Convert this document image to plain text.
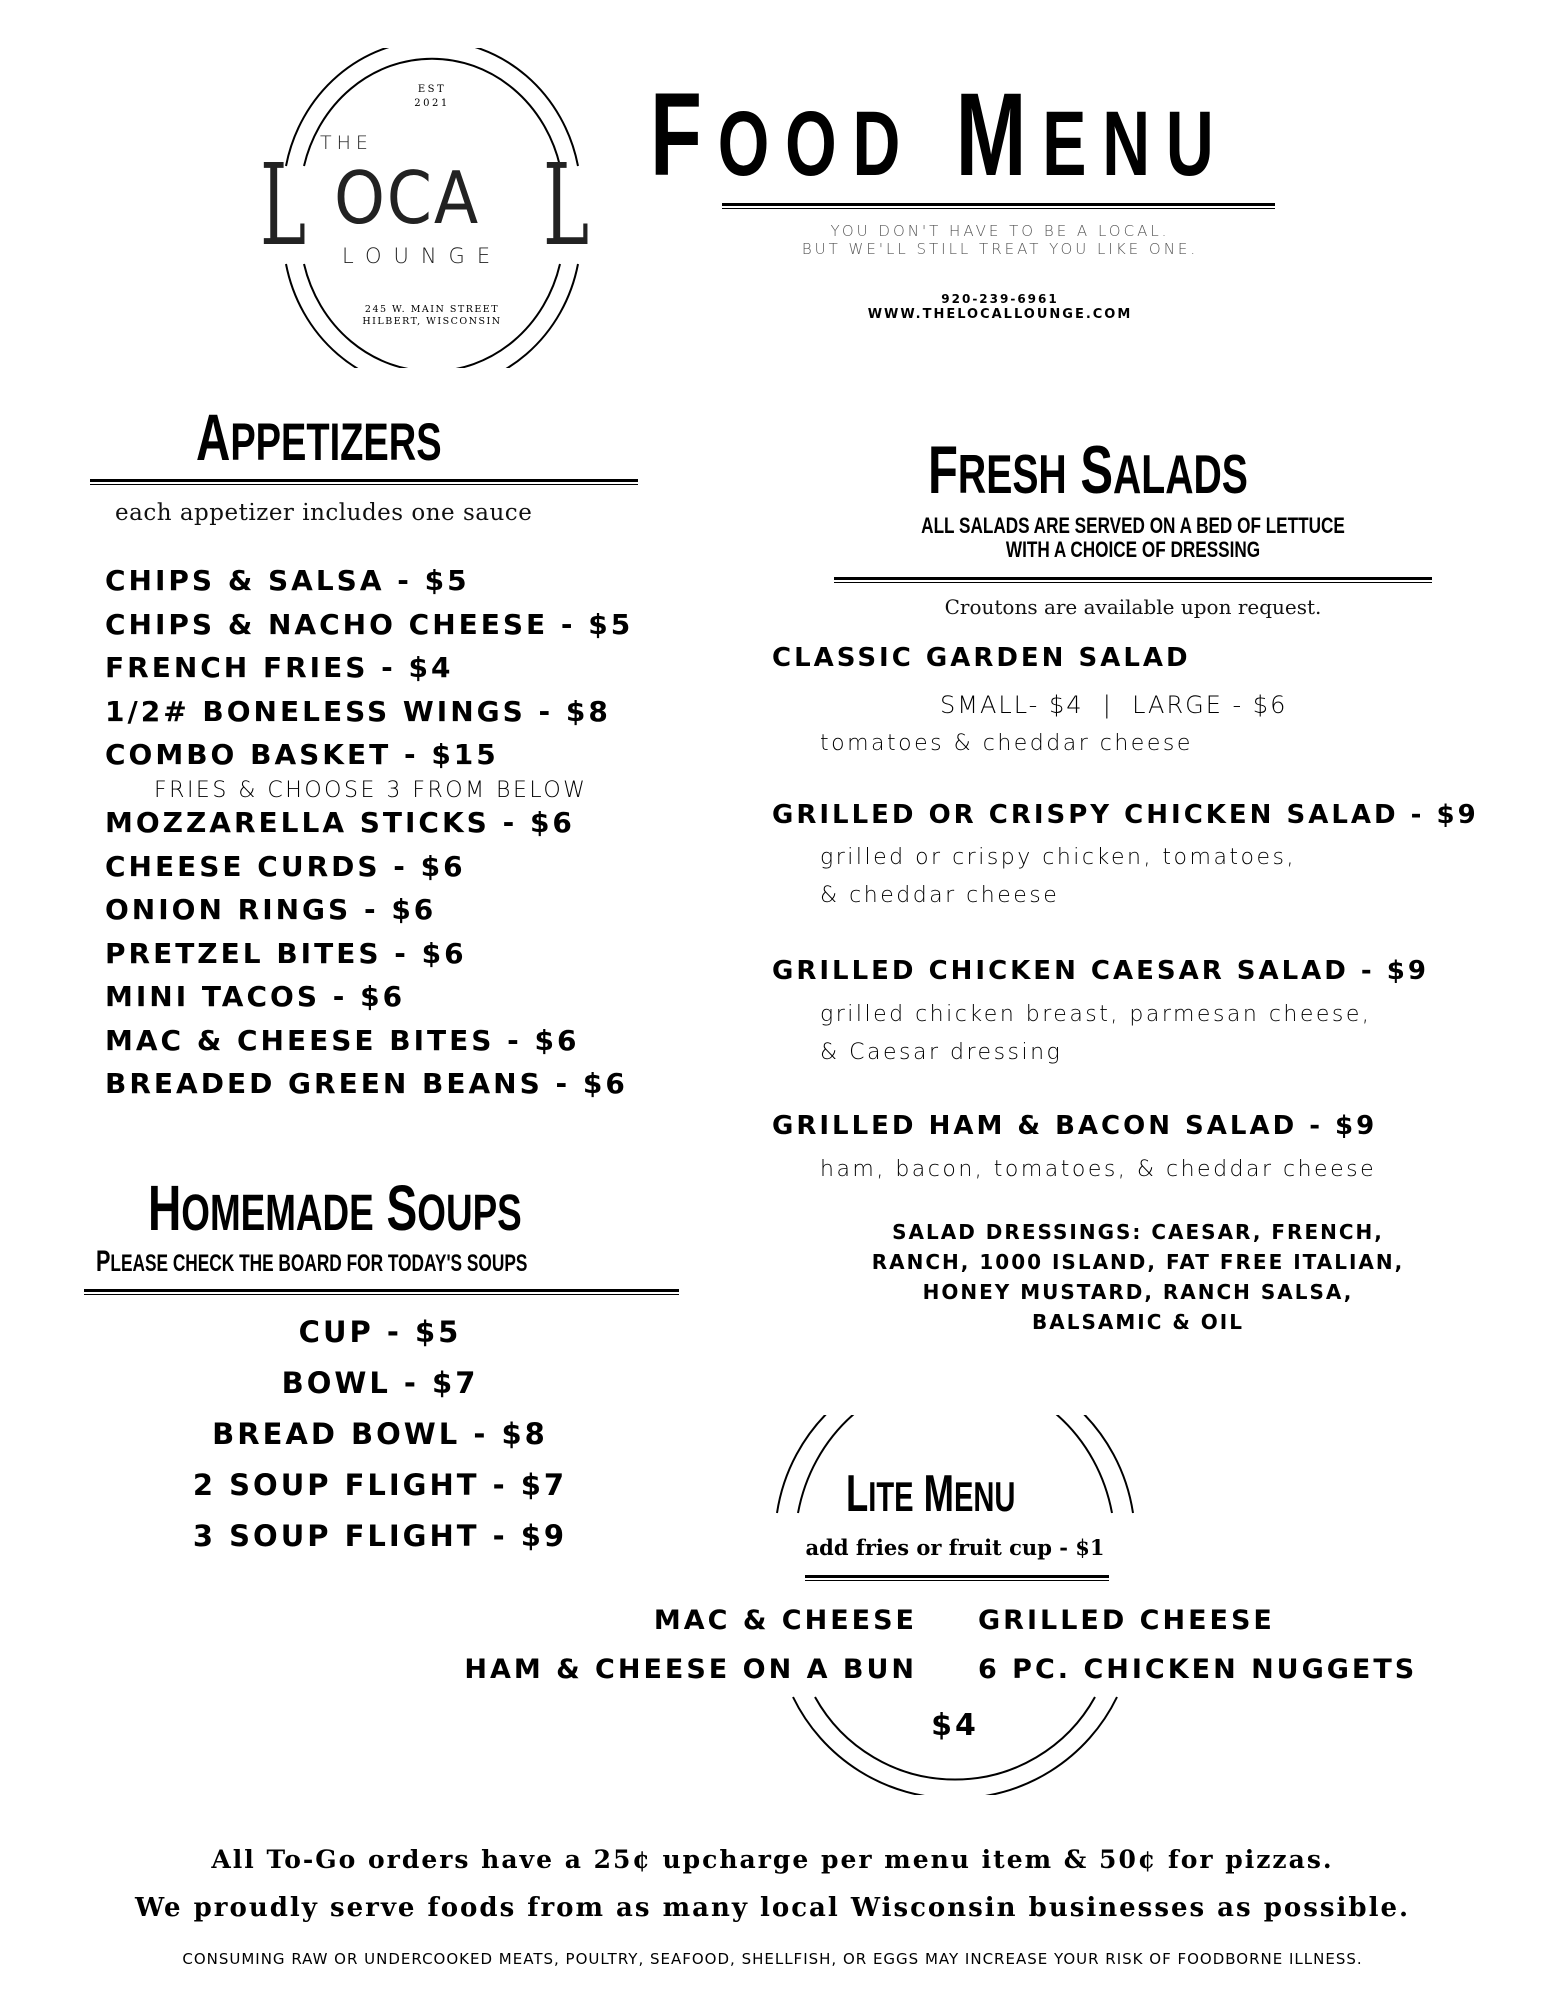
EST
2021
THE
L OCA L
LOUNGE
245 W. MAIN STREET
HILBERT, WISCONSIN
FOOD MENU
YOU DON'T HAVE TO BE A LOCAL.
BUT WE'LL STILL TREAT YOU LIKE ONE.
920-239-6961
WWW.THELOCALLOUNGE.COM
APPETIZERS
each appetizer includes one sauce
CHIPS & SALSA - $5
CHIPS & NACHO CHEESE - $5
FRENCH FRIES - $4
1/2# BONELESS WINGS - $8
COMBO BASKET - $15
FRIES & CHOOSE 3 FROM BELOW
MOZZARELLA STICKS - $6
CHEESE CURDS - $6
ONION RINGS - $6
PRETZEL BITES - $6
MINI TACOS - $6
MAC & CHEESE BITES - $6
BREADED GREEN BEANS - $6
HOMEMADE SOUPS
PLEASE CHECK THE BOARD FOR TODAY'S SOUPS
CUP - $5
BOWL - $7
BREAD BOWL - $8
2 SOUP FLIGHT - $7
3 SOUP FLIGHT - $9
FRESH SALADS
ALL SALADS ARE SERVED ON A BED OF LETTUCE
WITH A CHOICE OF DRESSING
Croutons are available upon request.
CLASSIC GARDEN SALAD
SMALL- $4  |  LARGE - $6
tomatoes & cheddar cheese
GRILLED OR CRISPY CHICKEN SALAD - $9
grilled or crispy chicken, tomatoes,
& cheddar cheese
GRILLED CHICKEN CAESAR SALAD - $9
grilled chicken breast, parmesan cheese,
& Caesar dressing
GRILLED HAM & BACON SALAD - $9
ham, bacon, tomatoes, & cheddar cheese
SALAD DRESSINGS: CAESAR, FRENCH,
RANCH, 1000 ISLAND, FAT FREE ITALIAN,
HONEY MUSTARD, RANCH SALSA,
BALSAMIC & OIL
LITE MENU
add fries or fruit cup - $1
MAC & CHEESE
HAM & CHEESE ON A BUN
GRILLED CHEESE
6 PC. CHICKEN NUGGETS
$4
All To-Go orders have a 25¢ upcharge per menu item & 50¢ for pizzas.
We proudly serve foods from as many local Wisconsin businesses as possible.
CONSUMING RAW OR UNDERCOOKED MEATS, POULTRY, SEAFOOD, SHELLFISH, OR EGGS MAY INCREASE YOUR RISK OF FOODBORNE ILLNESS.
